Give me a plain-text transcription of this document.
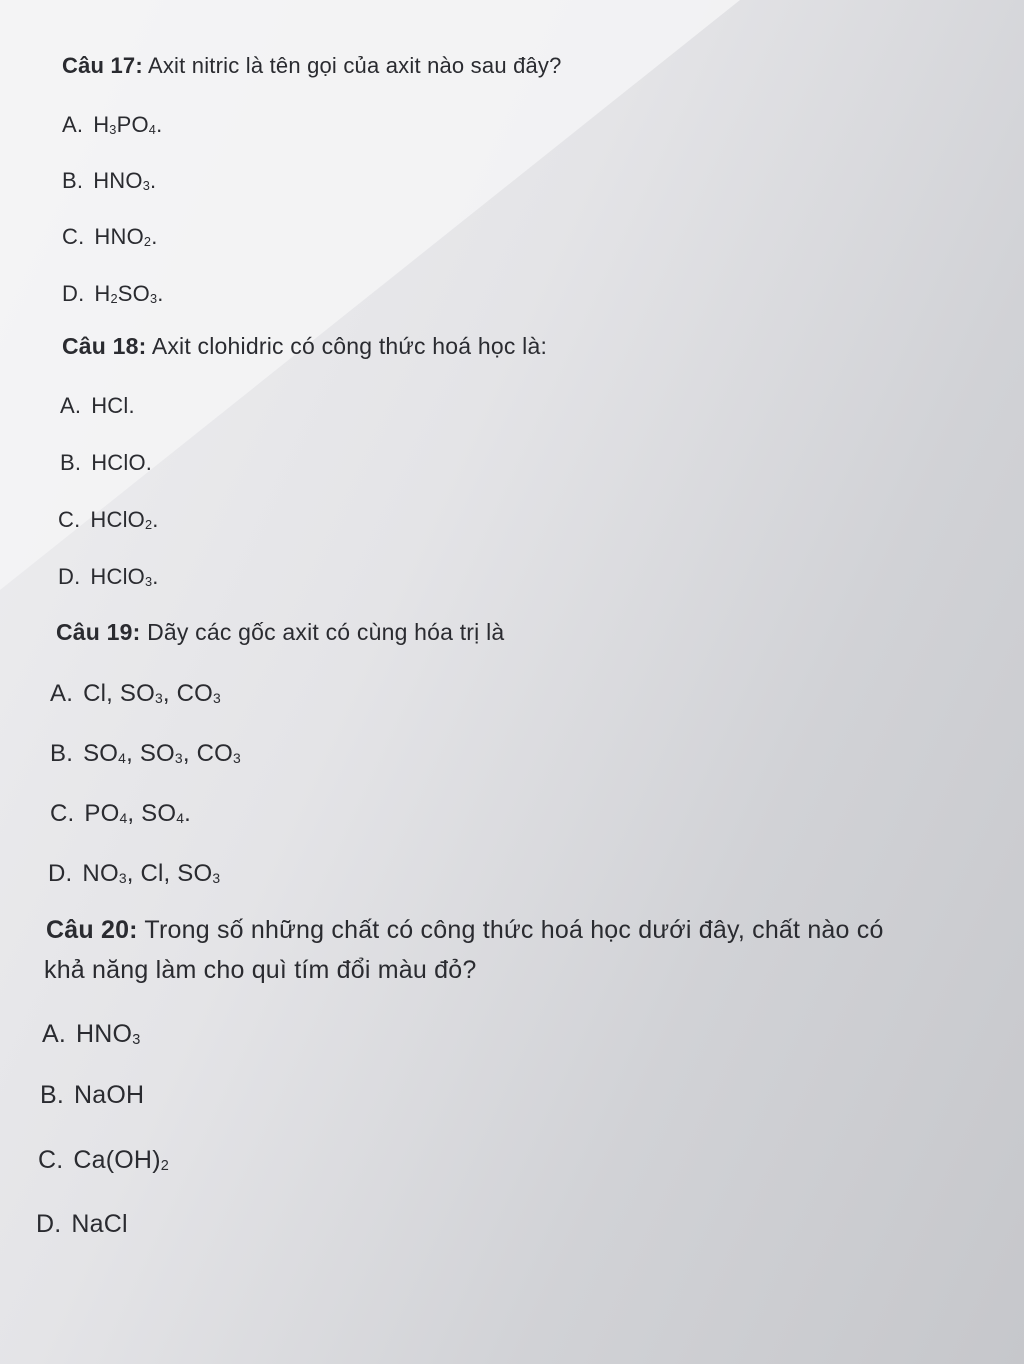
Câu 17: Axit nitric là tên gọi của axit nào sau đây?
A. H3PO4.
B. HNO3.
C. HNO2.
D. H2SO3.
Câu 18: Axit clohidric có công thức hoá học là:
A. HCl.
B. HClO.
C. HClO2.
D. HClO3.
Câu 19: Dãy các gốc axit có cùng hóa trị là
A. Cl, SO3, CO3
B. SO4, SO3, CO3
C. PO4, SO4.
D. NO3, Cl, SO3
Câu 20: Trong số những chất có công thức hoá học dưới đây, chất nào có
khả năng làm cho quì tím đổi màu đỏ?
A. HNO3
B. NaOH
C. Ca(OH)2
D. NaCl
